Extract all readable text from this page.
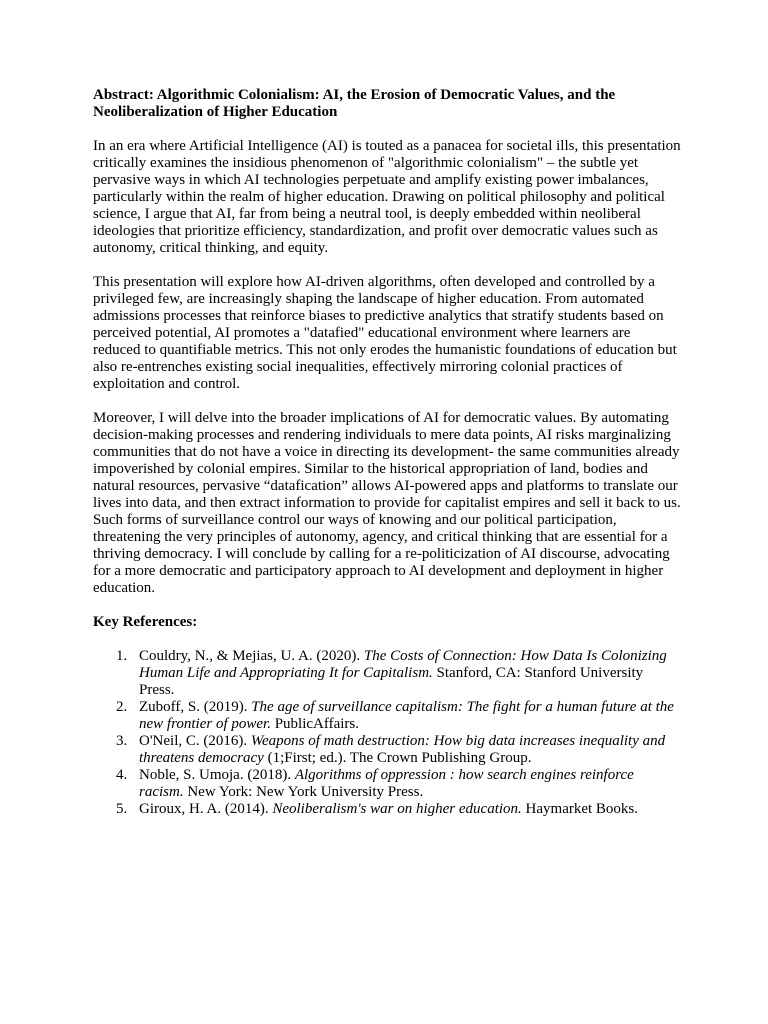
Abstract: Algorithmic Colonialism: AI, the Erosion of Democratic Values, and the Neoliberalization of Higher Education

In an era where Artificial Intelligence (AI) is touted as a panacea for societal ills, this presentation critically examines the insidious phenomenon of "algorithmic colonialism" – the subtle yet pervasive ways in which AI technologies perpetuate and amplify existing power imbalances, particularly within the realm of higher education. Drawing on political philosophy and political science, I argue that AI, far from being a neutral tool, is deeply embedded within neoliberal ideologies that prioritize efficiency, standardization, and profit over democratic values such as autonomy, critical thinking, and equity.

This presentation will explore how AI-driven algorithms, often developed and controlled by a privileged few, are increasingly shaping the landscape of higher education. From automated admissions processes that reinforce biases to predictive analytics that stratify students based on perceived potential, AI promotes a "datafied" educational environment where learners are reduced to quantifiable metrics. This not only erodes the humanistic foundations of education but also re-entrenches existing social inequalities, effectively mirroring colonial practices of exploitation and control.

Moreover, I will delve into the broader implications of AI for democratic values. By automating decision-making processes and rendering individuals to mere data points, AI risks marginalizing communities that do not have a voice in directing its development- the same communities already impoverished by colonial empires. Similar to the historical appropriation of land, bodies and natural resources, pervasive “datafication” allows AI-powered apps and platforms to translate our lives into data, and then extract information to provide for capitalist empires and sell it back to us. Such forms of surveillance control our ways of knowing and our political participation, threatening the very principles of autonomy, agency, and critical thinking that are essential for a thriving democracy. I will conclude by calling for a re-politicization of AI discourse, advocating for a more democratic and participatory approach to AI development and deployment in higher education.

Key References:

1. Couldry, N., & Mejias, U. A. (2020). The Costs of Connection: How Data Is Colonizing Human Life and Appropriating It for Capitalism. Stanford, CA: Stanford University Press.
2. Zuboff, S. (2019). The age of surveillance capitalism: The fight for a human future at the new frontier of power. PublicAffairs.
3. O'Neil, C. (2016). Weapons of math destruction: How big data increases inequality and threatens democracy (1;First; ed.). The Crown Publishing Group.
4. Noble, S. Umoja. (2018). Algorithms of oppression : how search engines reinforce racism. New York: New York University Press.
5. Giroux, H. A. (2014). Neoliberalism's war on higher education. Haymarket Books.
